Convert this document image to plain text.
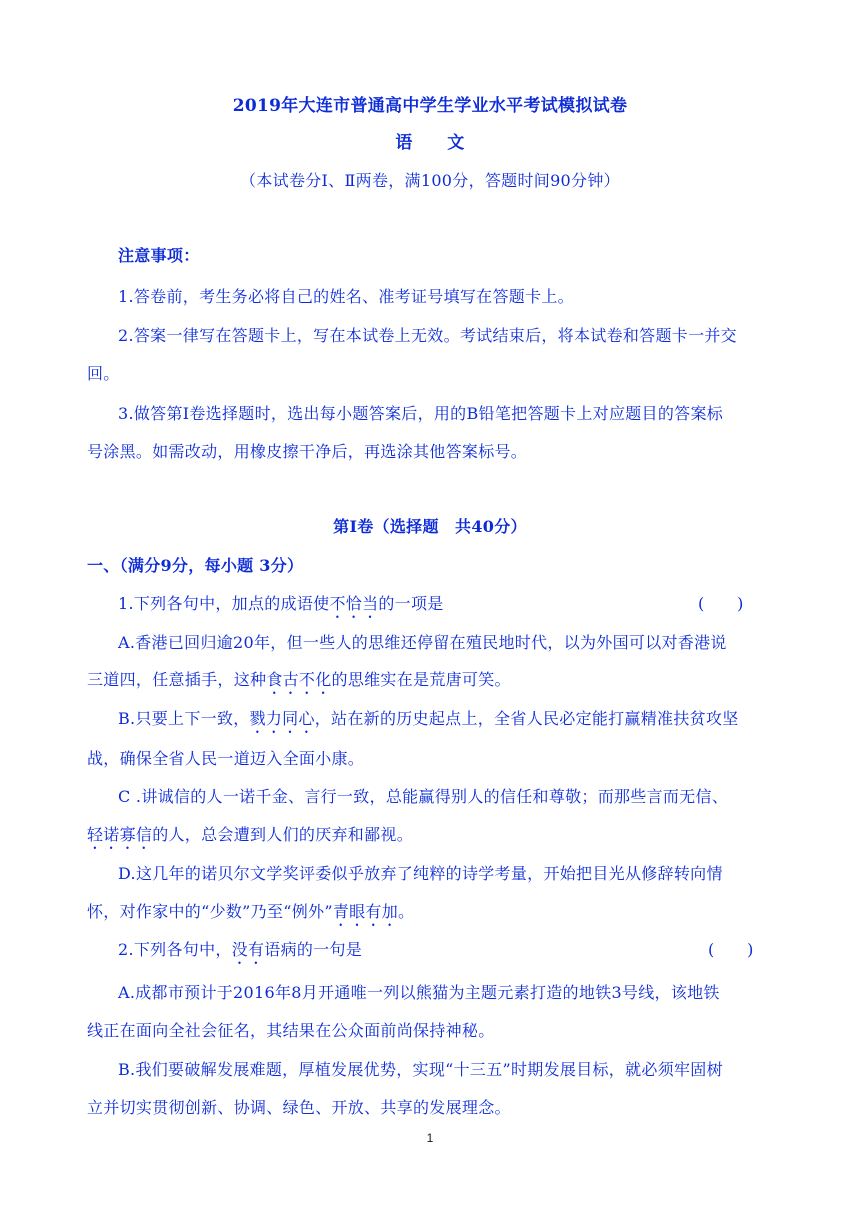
2019年大连市普通高中学生学业水平考试模拟试卷
语　　文
（本试卷分Ⅰ、Ⅱ两卷，满100分，答题时间90分钟）
注意事项：
1.答卷前，考生务必将自己的姓名、准考证号填写在答题卡上。
2.答案一律写在答题卡上，写在本试卷上无效。考试结束后，将本试卷和答题卡一并交
回。
3.做答第Ⅰ卷选择题时，选出每小题答案后，用的B铅笔把答题卡上对应题目的答案标
号涂黑。如需改动，用橡皮擦干净后，再选涂其他答案标号。
第Ⅰ卷（选择题　共40分）
一、（满分9分，每小题 3分）
1.下列各句中，加点的成语使不恰当的一项是	(　　)
A.香港已回归逾20年，但一些人的思维还停留在殖民地时代，以为外国可以对香港说
三道四，任意插手，这种食古不化的思维实在是荒唐可笑。
B.只要上下一致，戮力同心，站在新的历史起点上，全省人民必定能打赢精准扶贫攻坚
战，确保全省人民一道迈入全面小康。
C .讲诚信的人一诺千金、言行一致，总能赢得别人的信任和尊敬；而那些言而无信、
轻诺寡信的人，总会遭到人们的厌弃和鄙视。
D.这几年的诺贝尔文学奖评委似乎放弃了纯粹的诗学考量，开始把目光从修辞转向情
怀，对作家中的“少数”乃至“例外”青眼有加。
2.下列各句中，没有语病的一句是	(　　)
A.成都市预计于2016年8月开通唯一列以熊猫为主题元素打造的地铁3号线，该地铁
线正在面向全社会征名，其结果在公众面前尚保持神秘。
B.我们要破解发展难题，厚植发展优势，实现“十三五”时期发展目标，就必须牢固树
立并切实贯彻创新、协调、绿色、开放、共享的发展理念。
1
